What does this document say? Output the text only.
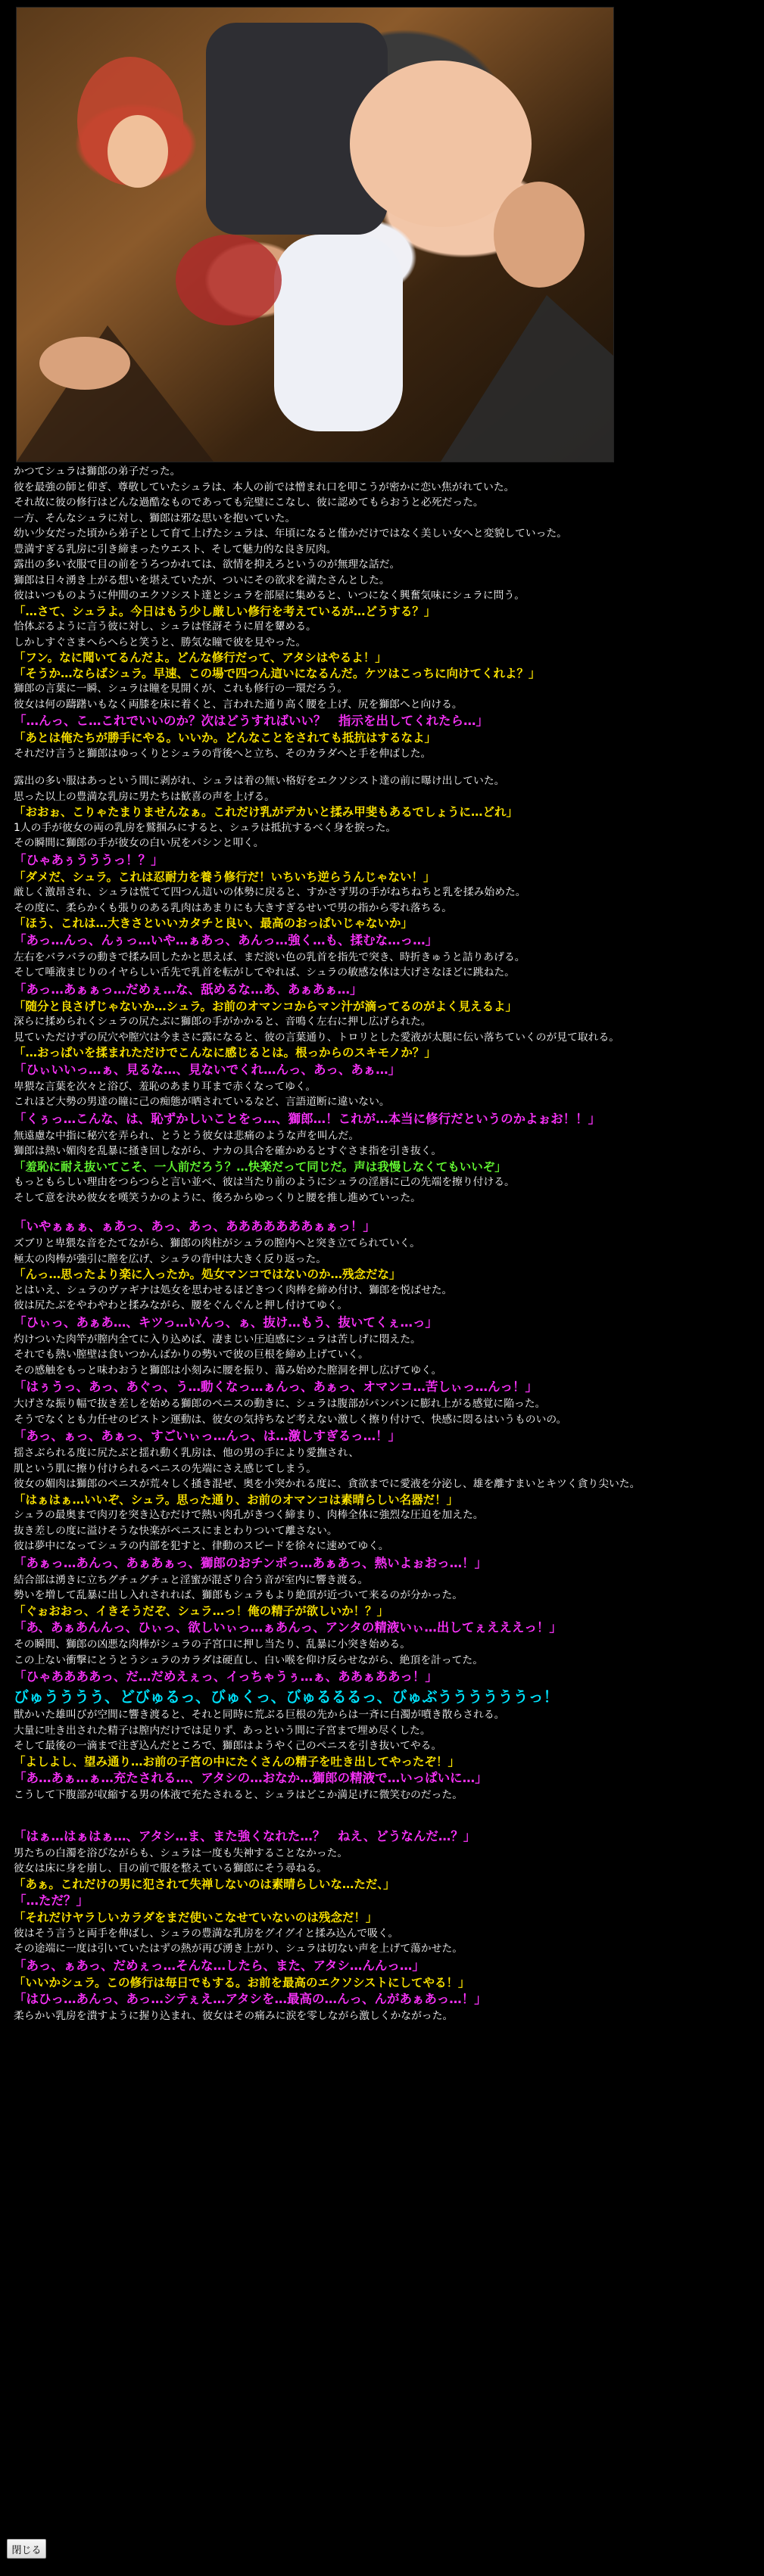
かつてシュラは獅郎の弟子だった。
彼を最強の師と仰ぎ、尊敬していたシュラは、本人の前では憎まれ口を叩こうが密かに恋い焦がれていた。
それ故に彼の修行はどんな過酷なものであっても完璧にこなし、彼に認めてもらおうと必死だった。
一方、そんなシュラに対し、獅郎は邪な思いを抱いていた。
幼い少女だった頃から弟子として育て上げたシュラは、年頃になると僅かだけではなく美しい女へと変貌していった。
豊満すぎる乳房に引き締まったウエスト、そして魅力的な良き尻肉。
露出の多い衣服で目の前をうろつかれては、欲情を抑えろというのが無理な話だ。
獅郎は日々湧き上がる想いを堪えていたが、ついにその欲求を満たさんとした。
彼はいつものように仲間のエクソシスト達とシュラを部屋に集めると、いつになく興奮気味にシュラに問う。
「…さて、シュラよ。今日はもう少し厳しい修行を考えているが…どうする？」
恰体ぶるように言う彼に対し、シュラは怪訝そうに眉を顰める。
しかしすぐさまへらへらと笑うと、勝気な瞳で彼を見やった。
「フン。なに聞いてるんだよ。どんな修行だって、アタシはやるよ！」
「そうか…ならばシュラ。早速、この場で四つん這いになるんだ。ケツはこっちに向けてくれよ？」
獅郎の言葉に一瞬、シュラは瞳を見開くが、これも修行の一環だろう。
彼女は何の躊躇いもなく両膝を床に着くと、言われた通り高く腰を上げ、尻を獅郎へと向ける。
「…んっ、こ…これでいいのか？次はどうすればいい？　指示を出してくれたら…」
「あとは俺たちが勝手にやる。いいか。どんなことをされても抵抗はするなよ」
それだけ言うと獅郎はゆっくりとシュラの背後へと立ち、そのカラダへと手を伸ばした。
露出の多い服はあっという間に剥がれ、シュラは着の無い格好をエクソシスト達の前に曝け出していた。
思った以上の豊満な乳房に男たちは歓喜の声を上げる。
「おおぉ、こりゃたまりませんなぁ。これだけ乳がデカいと揉み甲斐もあるでしょうに…どれ」
1人の手が彼女の両の乳房を鷲掴みにすると、シュラは抵抗するべく身を捩った。
その瞬間に獅郎の手が彼女の白い尻をパシンと叩く。
「ひゃあぅうううっ！？」
「ダメだ、シュラ。これは忍耐力を養う修行だ！いちいち逆らうんじゃない！」
厳しく激昂され、シュラは慌てて四つん這いの体勢に戻ると、すかさず男の手がねちねちと乳を揉み始めた。
その度に、柔らかくも張りのある乳肉はあまりにも大きすぎるせいで男の指から零れ落ちる。
「ほう、これは…大きさといいカタチと良い、最高のおっぱいじゃないか」
「あっ…んっ、んぅっ…いや…ぁあっ、あんっ…強く…も、揉むな…っ…」
左右をバラバラの動きで揉み回したかと思えば、まだ淡い色の乳首を指先で突き、時折きゅうと詰りあげる。
そして唾液まじりのイヤらしい舌先で乳首を転がしてやれば、シュラの敏感な体は大げさなほどに跳ねた。
「あっ…あぁぁっ…だめぇ…な、舐めるな…あ、あぁあぁ…」
「随分と良さげじゃないか…シュラ。お前のオマンコからマン汁が滴ってるのがよく見えるよ」
深らに揉められくシュラの尻たぶに獅郎の手がかかると、音鳴く左右に押し広げられた。
見ていただけずの尻穴や膣穴は今まさに露になると、彼の言葉通り、トロリとした愛液が太腿に伝い落ちていくのが見て取れる。
「…おっぱいを揉まれただけでこんなに感じるとは。根っからのスキモノか？」
「ひぃいいっ…ぁ、見るな…、見ないでくれ…んっ、あっ、あぁ…」
卑猥な言葉を次々と浴び、羞恥のあまり耳まで赤くなってゆく。
これほど大勢の男達の瞳に己の痴態が晒されているなど、言語道断に違いない。
「くぅっ…こんな、は、恥ずかしいことをっ…、獅郎…！これが…本当に修行だというのかよぉお！！」
無遠慮な中指に秘穴を弄られ、とうとう彼女は悲痛のような声を叫んだ。
獅郎は熱い媚肉を乱暴に掻き回しながら、ナカの具合を確かめるとすぐさま指を引き抜く。
「羞恥に耐え抜いてこそ、一人前だろう？…快楽だって同じだ。声は我慢しなくてもいいぞ」
もっともらしい理由をつらつらと言い並べ、彼は当たり前のようにシュラの淫唇に己の先端を擦り付ける。
そして意を決め彼女を嘆笑うかのように、後ろからゆっくりと腰を推し進めていった。
「いやぁぁぁ、ぁあっ、あっ、あっ、あああああああぁぁっ！」
ズブリと卑猥な音をたてながら、獅郎の肉柱がシュラの膣内へと突き立てられていく。
極太の肉棒が強引に膣を広げ、シュラの背中は大きく反り返った。
「んっ…思ったより楽に入ったか。処女マンコではないのか…残念だな」
とはいえ、シュラのヴァギナは処女を思わせるほどきつく肉棒を締め付け、獅郎を悦ばせた。
彼は尻たぶをやわやわと揉みながら、腰をぐんぐんと押し付けてゆく。
「ひぃっ、あぁあ…、キツっ…いんっ、ぁ、抜け…もう、抜いてくぇ…っ」
灼けついた肉竿が膣内全てに入り込めば、凄まじい圧迫感にシュラは苦しげに悶えた。
それでも熱い膣壁は食いつかんばかりの勢いで彼の巨根を締め上げていく。
その感触をもっと味わおうと獅郎は小刻みに腰を振り、蕩み始めた膣洞を押し広げてゆく。
「はぅうっ、あっ、あぐっ、う…動くなっ…ぁんっ、あぁっ、オマンコ…苦しぃっ…んっ！」
大げさな振り幅で抜き差しを始める獅郎のペニスの動きに、シュラは腹部がパンパンに膨れ上がる感覚に陥った。
そうでなくとも力任せのピストン運動は、彼女の気持ちなど考えない激しく擦り付けで、快感に悶るはいうものいの。
「あっ、ぁっ、あぁっ、すごいぃっ…んっ、は…激しすぎるっ…！」
揺さぶられる度に尻たぶと揺れ動く乳房は、他の男の手により愛撫され、
肌という肌に擦り付けられるペニスの先端にさえ感じてしまう。
彼女の媚肉は獅郎のペニスが荒々しく掻き混ぜ、奥を小突かれる度に、貪欲までに愛液を分泌し、雄を離すまいとキツく貪り尖いた。
「はぁはぁ…いいぞ、シュラ。思った通り、お前のオマンコは素晴らしい名器だ！」
シュラの最奥まで肉刃を突き込むだけで熱い肉孔がきつく締まり、肉棒全体に強烈な圧迫を加えた。
抜き差しの度に溢けそうな快楽がペニスにまとわりついて離さない。
彼は夢中になってシュラの内部を犯すと、律動のスピードを徐々に速めてゆく。
「あぁっ…あんっ、あぁあぁっ、獅郎のおチンポっ…あぁあっ、熱いよぉおっ…！」
結合部は湧きに立ちグチュグチュと淫蜜が混ざり合う音が室内に響き渡る。
勢いを増して乱暴に出し入れされれば、獅郎もシュラもより絶頂が近づいて来るのが分かった。
「ぐぉおおっ、イきそうだぞ、シュラ…っ！俺の精子が欲しいか！？」
「あ、あぁあんんっ、ひぃっ、欲しいぃっ…ぁあんっ、アンタの精液いぃ…出してぇえええっ！」
その瞬間、獅郎の凶悪な肉棒がシュラの子宮口に押し当たり、乱暴に小突き始める。
この上ない衝撃にとうとうシュラのカラダは硬直し、白い喉を仰け反らせながら、絶頂を計ってた。
「ひゃああああっ、だ…だめえぇっ、イっちゃうぅ…ぁ、ああぁああっ！」
びゅうううう、どびゅるっ、びゅくっ、びゅるるるっ、びゅぶううううううっ！
獣かいた雄叫びが空間に響き渡ると、それと同時に荒ぶる巨根の先からは一斉に白濁が噴き散らされる。
大量に吐き出された精子は膣内だけでは足りず、あっという間に子宮まで埋め尽くした。
そして最後の一滴まで注ぎ込んだところで、獅郎はようやく己のペニスを引き抜いてやる。
「よしよし、望み通り…お前の子宮の中にたくさんの精子を吐き出してやったぞ！」
「あ…あぁ…ぁ…充たされる…、アタシの…おなか…獅郎の精液で…いっぱいに…」
こうして下腹部が収縮する男の体液で充たされると、シュラはどこか満足げに微笑むのだった。
「はぁ…はぁはぁ…、アタシ…ま、また強くなれた…？　ねえ、どうなんだ…？」
男たちの白濁を浴びながらも、シュラは一度も失神することなかった。
彼女は床に身を崩し、目の前で服を整えている獅郎にそう尋ねる。
「あぁ。これだけの男に犯されて失禅しないのは素晴らしいな…ただ、」
「…ただ？」
「それだけヤラしいカラダをまだ使いこなせていないのは残念だ！」
彼はそう言うと両手を伸ばし、シュラの豊満な乳房をグイグイと揉み込んで吸く。
その途端に一度は引いていたはずの熱が再び湧き上がり、シュラは切ない声を上げて蕩かせた。
「あっ、ぁあっ、だめぇっ…そんな…したら、また、アタシ…んんっ…」
「いいかシュラ。この修行は毎日でもする。お前を最高のエクソシストにしてやる！」
「はひっ…あんっ、あっ…シテぇえ…アタシを…最高の…んっ、んがあぁあっ…！」
柔らかい乳房を潰すように握り込まれ、彼女はその痛みに涙を零しながら激しくかながった。
閉じる
